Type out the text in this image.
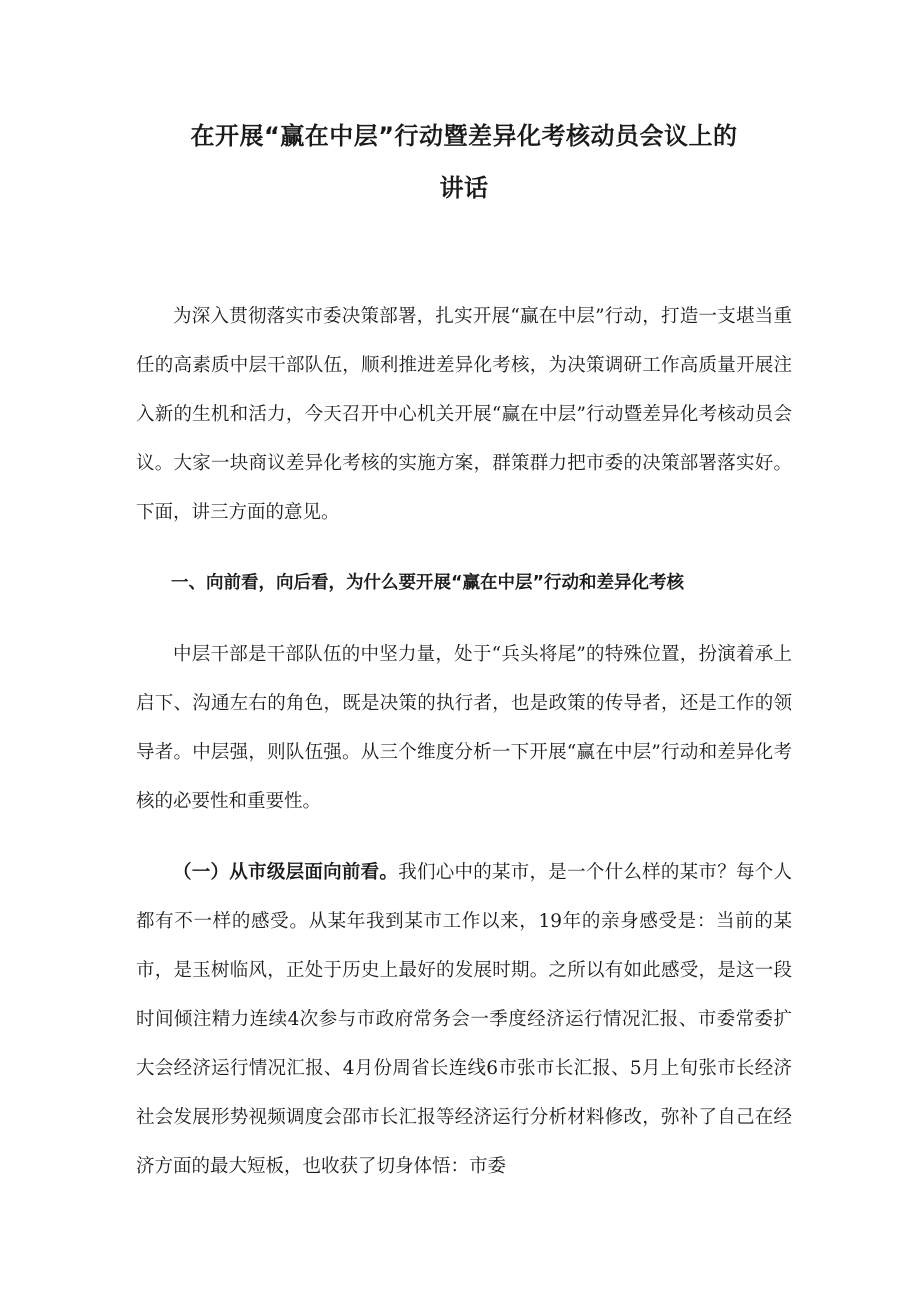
在开展“赢在中层”行动暨差异化考核动员会议上的
讲话

为深入贯彻落实市委决策部署，扎实开展“赢在中层”行动，打造一支堪当重任的高素质中层干部队伍，顺利推进差异化考核，为决策调研工作高质量开展注入新的生机和活力，今天召开中心机关开展“赢在中层”行动暨差异化考核动员会议。大家一块商议差异化考核的实施方案，群策群力把市委的决策部署落实好。下面，讲三方面的意见。

一、向前看，向后看，为什么要开展“赢在中层”行动和差异化考核

中层干部是干部队伍的中坚力量，处于“兵头将尾”的特殊位置，扮演着承上启下、沟通左右的角色，既是决策的执行者，也是政策的传导者，还是工作的领导者。中层强，则队伍强。从三个维度分析一下开展“赢在中层”行动和差异化考核的必要性和重要性。

（一）从市级层面向前看。我们心中的某市，是一个什么样的某市？每个人都有不一样的感受。从某年我到某市工作以来，19年的亲身感受是：当前的某市，是玉树临风，正处于历史上最好的发展时期。之所以有如此感受，是这一段时间倾注精力连续4次参与市政府常务会一季度经济运行情况汇报、市委常委扩大会经济运行情况汇报、4月份周省长连线6市张市长汇报、5月上旬张市长经济社会发展形势视频调度会邵市长汇报等经济运行分析材料修改，弥补了自己在经济方面的最大短板，也收获了切身体悟：市委
